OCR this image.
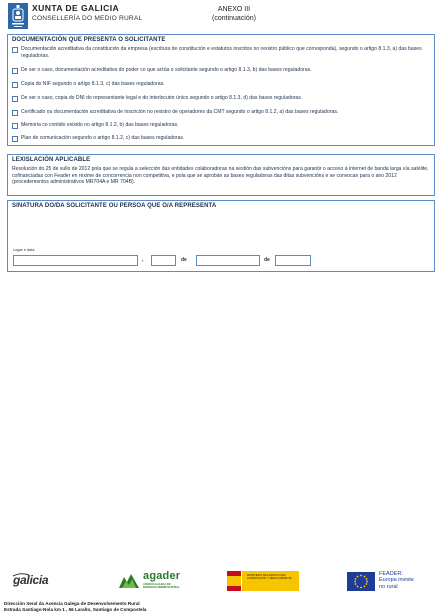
XUNTA DE GALICIA
CONSELLERÍA DO MEDIO RURAL
ANEXO III
(continuación)
DOCUMENTACIÓN QUE PRESENTA O SOLICITANTE
Documentación acreditativa da constitución da empresa (escritura de constitución e estatutos inscritos no rexistro público que corresponda), segundo o artigo 8.1.3, a) das bases reguladoras.
De ser o caso, documentación acreditativa do poder co que actúa o solicitante segundo o artigo 8.1.3, b) das bases reguladoras.
Copia do NIF segundo o artigo 8.1.3, c) das bases reguladoras.
De ser o caso, copia do DNI do representante legal e do interlocutor único segundo o artigo 8.1.3, d) das bases reguladoras.
Certificado ou documentación acreditativa de inscrición no rexistro de operadores da CMT segundo o artigo 8.1.2, a) das bases reguladoras.
Memoria co contido exixido no artigo 8.1.2, b) das bases reguladoras.
Plan de comunicación segundo o artigo 8.1.2, c) das bases reguladoras.
LEXISLACIÓN APLICABLE
Resolución do 25 de xullo de 2012 pola que se regula a selección das entidades colaboradoras na xestión das subvencións para garantir o acceso á internet de banda larga vía satélite, cofinanciadas con Feader en réxime de concorrencia non competitiva, e pola que se aprobán as bases reguladoras das ditas subvencións e se convocan para o ano 2012 (procedementos administrativos MR704A e MR 704B).
SINATURA DO/DA SOLICITANTE OU PERSOA QUE O/A REPRESENTA
Lugar e data
,	de	de
galicia	agader
AXENCIA GALEGA DE DESENVOLVEMENTO RURAL
MINISTERIO DE AGRICULTURA, ALIMENTACIÓN Y MEDIO AMBIENTE
FEADER:
Europa inviste
no rural
Dirección Xeral da Axencia Galega de Desenvolvemento Rural
Estrada Santiago-Nola km 1 , 56 Laraño, Santiago de Compostela
